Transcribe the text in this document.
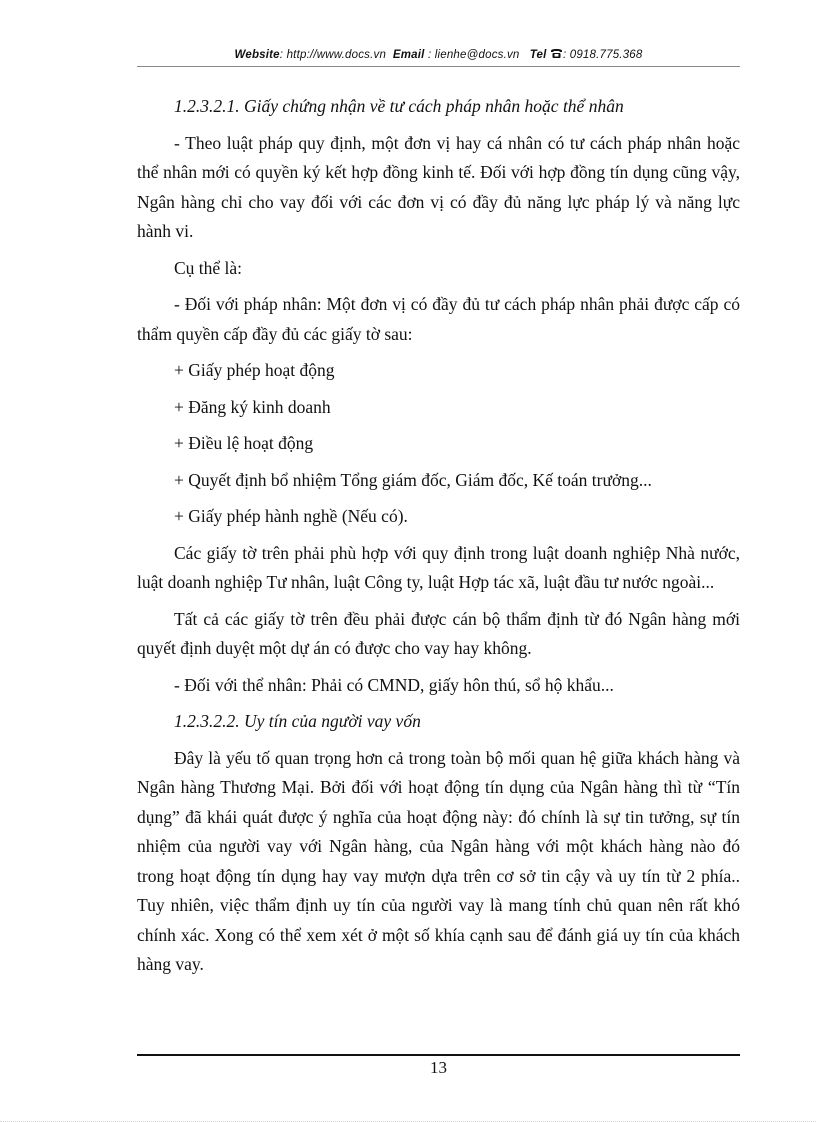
Website: http://www.docs.vn Email : lienhe@docs.vn Tel : 0918.775.368

1.2.3.2.1. Giấy chứng nhận về tư cách pháp nhân hoặc thể nhân

- Theo luật pháp quy định, một đơn vị hay cá nhân có tư cách pháp nhân hoặc thể nhân mới có quyền ký kết hợp đồng kinh tế. Đối với hợp đồng tín dụng cũng vậy, Ngân hàng chỉ cho vay đối với các đơn vị có đầy đủ năng lực pháp lý và năng lực hành vi.

Cụ thể là:

- Đối với pháp nhân: Một đơn vị có đầy đủ tư cách pháp nhân phải được cấp có thẩm quyền cấp đầy đủ các giấy tờ sau:

+ Giấy phép hoạt động

+ Đăng ký kinh doanh

+ Điều lệ hoạt động

+ Quyết định bổ nhiệm Tổng giám đốc, Giám đốc, Kế toán trưởng...

+ Giấy phép hành nghề (Nếu có).

Các giấy tờ trên phải phù hợp với quy định trong luật doanh nghiệp Nhà nước, luật doanh nghiệp Tư nhân, luật Công ty, luật Hợp tác xã, luật đầu tư nước ngoài...

Tất cả các giấy tờ trên đều phải được cán bộ thẩm định từ đó Ngân hàng mới quyết định duyệt một dự án có được cho vay hay không.

- Đối với thể nhân: Phải có CMND, giấy hôn thú, sổ hộ khẩu...

1.2.3.2.2. Uy tín của người vay vốn

Đây là yếu tố quan trọng hơn cả trong toàn bộ mối quan hệ giữa khách hàng và Ngân hàng Thương Mại. Bởi đối với hoạt động tín dụng của Ngân hàng thì từ “Tín dụng” đã khái quát được ý nghĩa của hoạt động này: đó chính là sự tin tưởng, sự tín nhiệm của người vay với Ngân hàng, của Ngân hàng với một khách hàng nào đó trong hoạt động tín dụng hay vay mượn dựa trên cơ sở tin cậy và uy tín từ 2 phía.. Tuy nhiên, việc thẩm định uy tín của người vay là mang tính chủ quan nên rất khó chính xác. Xong có thể xem xét ở một số khía cạnh sau để đánh giá uy tín của khách hàng vay.

13
